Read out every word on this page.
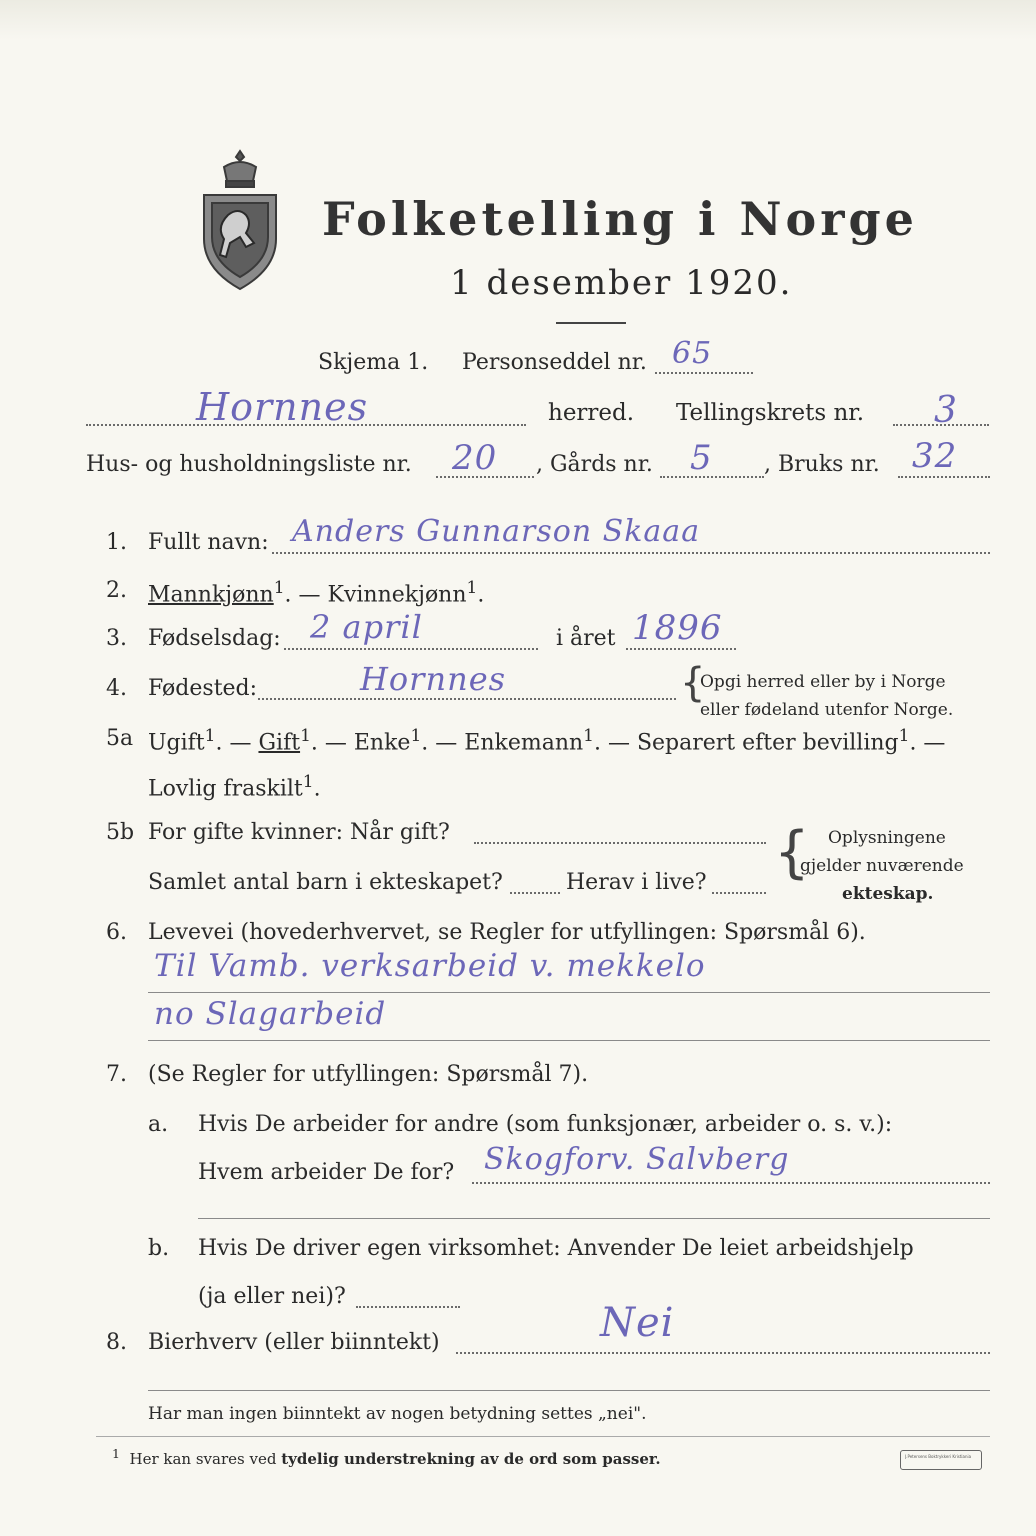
Folketelling i Norge
1 desember 1920.
Skjema 1. Personseddel nr. 65
Hornnes	herred. Tellingskrets nr. 3
Hus- og husholdningsliste nr. 20 , Gårds nr. 5 , Bruks nr. 32
1. Fullt navn: Anders Gunnarson Skaaa
2. Mannkjønn$^1$. — Kvinnekjønn$^1$.
3. Fødselsdag: 2 april	i året 1896
4. Fødested:	Hornnes	{
Opgi herred eller by i Norge
eller fødeland utenfor Norge.
5a Ugift$^1$. — Gift$^1$. — Enke$^1$. — Enkemann$^1$. — Separert efter bevilling$^1$. —
Lovlig fraskilt$^1$.
5b For gifte kvinner: Når gift?
Samlet antal barn i ekteskapet?	Herav i live? { Oplysningene
gjelder nuværende
ekteskap.
6. Levevei (hovederhvervet, se Regler for utfyllingen: Spørsmål 6).
Til Vamb. verksarbeid v. mekkelo
no Slagarbeid
7. (Se Regler for utfyllingen: Spørsmål 7).
a. Hvis De arbeider for andre (som funksjonær, arbeider o. s. v.):
Hvem arbeider De for? Skogforv. Salvberg
b. Hvis De driver egen virksomhet: Anvender De leiet arbeidshjelp
(ja eller nei)?
8. Bierhverv (eller biinntekt)	Nei
Har man ingen biinntekt av nogen betydning settes „nei".
$^1$ Her kan svares ved tydelig understrekning av de ord som passer.	J.Petersens Boktrykkeri Kristiania
